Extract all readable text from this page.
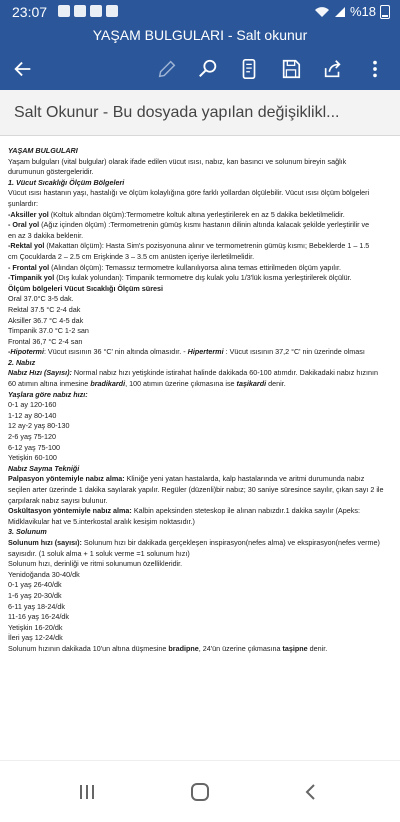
23:07	%18
YAŞAM BULGULARI - Salt okunur
Salt Okunur - Bu dosyada yapılan değişiklikl...

YAŞAM BULGULARI

Yaşam bulguları (vital bulgular) olarak ifade edilen vücut ısısı, nabız, kan basıncı ve solunum bireyin sağlık

durumunun göstergeleridir.

1. Vücut Sıcaklığı Ölçüm Bölgeleri

Vücut ısısı hastanın yaşı, hastalığı ve ölçüm kolaylığına göre farklı yollardan ölçülebilir. Vücut ısısı ölçüm bölgeleri

şunlardır:

-Aksiller yol (Koltuk altından ölçüm):Termometre koltuk altına yerleştirilerek en az 5 dakika bekletilmelidir.

- Oral yol (Ağız içinden ölçüm) :Termometrenin gümüş kısmı hastanın dilinin altında kalacak şekilde yerleştirilir ve

en az 3 dakika beklenir.

-Rektal yol (Makattan ölçüm): Hasta Sim's pozisyonuna alınır ve termometrenin gümüş kısmı; Bebeklerde 1 – 1.5

cm Çocuklarda 2 – 2.5 cm Erişkinde 3 – 3.5 cm anüsten içeriye ilerletilmelidir.

- Frontal yol (Alından ölçüm): Temassız termometre kullanılıyorsa alına temas ettirilmeden ölçüm yapılır.

-Timpanik yol (Dış kulak yolundan): Timpanik termometre dış kulak yolu 1/3'lük kısma yerleştirilerek ölçülür.

Ölçüm bölgeleri Vücut Sıcaklığı Ölçüm süresi

Oral 37.0°C 3-5 dak.

Rektal 37.5 °C 2-4 dak

Aksiller 36.7 °C 4-5 dak

Timpanik 37.0 °C 1-2 san

Frontal 36,7 °C 2-4 san

-Hipotermi: Vücut ısısının 36 °C' nin altında olmasıdır. - Hipertermi : Vücut ısısının 37,2 °C' nin üzerinde olması

2. Nabız

Nabız Hızı (Sayısı): Normal nabız hızı yetişkinde istirahat halinde dakikada 60-100 atımdır. Dakikadaki nabız hızının

60 atımın altına inmesine bradikardi, 100 atımın üzerine çıkmasına ise taşikardi denir.

Yaşlara göre nabız hızı:

0-1 ay 120-160

1-12 ay 80-140

12 ay-2 yaş 80-130

2-6 yaş 75-120

6-12 yaş 75-100

Yetişkin 60-100

Nabız Sayma Tekniği

Palpasyon yöntemiyle nabız alma: Kliniğe yeni yatan hastalarda, kalp hastalarında ve aritmi durumunda nabız

seçilen arter üzerinde 1 dakika sayılarak yapılır. Regüler (düzenli)bir nabız; 30 saniye süresince sayılır, çıkan sayı 2 ile

çarpılarak nabız sayısı bulunur.

Oskültasyon yöntemiyle nabız alma: Kalbin apeksinden steteskop ile alınan nabızdır.1 dakika sayılır (Apeks:

Midklavikular hat ve 5.interkostal aralık kesişim noktasıdır.)

3. Solunum

Solunum hızı (sayısı): Solunum hızı bir dakikada gerçekleşen inspirasyon(nefes alma) ve ekspirasyon(nefes verme)

sayısıdır. (1 soluk alma + 1 soluk verme =1 solunum hızı)

Solunum hızı, derinliği ve ritmi solunumun özellikleridir.

Yenidoğanda 30-40/dk

0-1 yaş 26-40/dk

1-6 yaş 20-30/dk

6-11 yaş 18-24/dk

11-16 yaş 16-24/dk

Yetişkin 16-20/dk

İleri yaş 12-24/dk

Solunum hızının dakikada 10'un altına düşmesine bradipne, 24'ün üzerine çıkmasına taşipne denir.
